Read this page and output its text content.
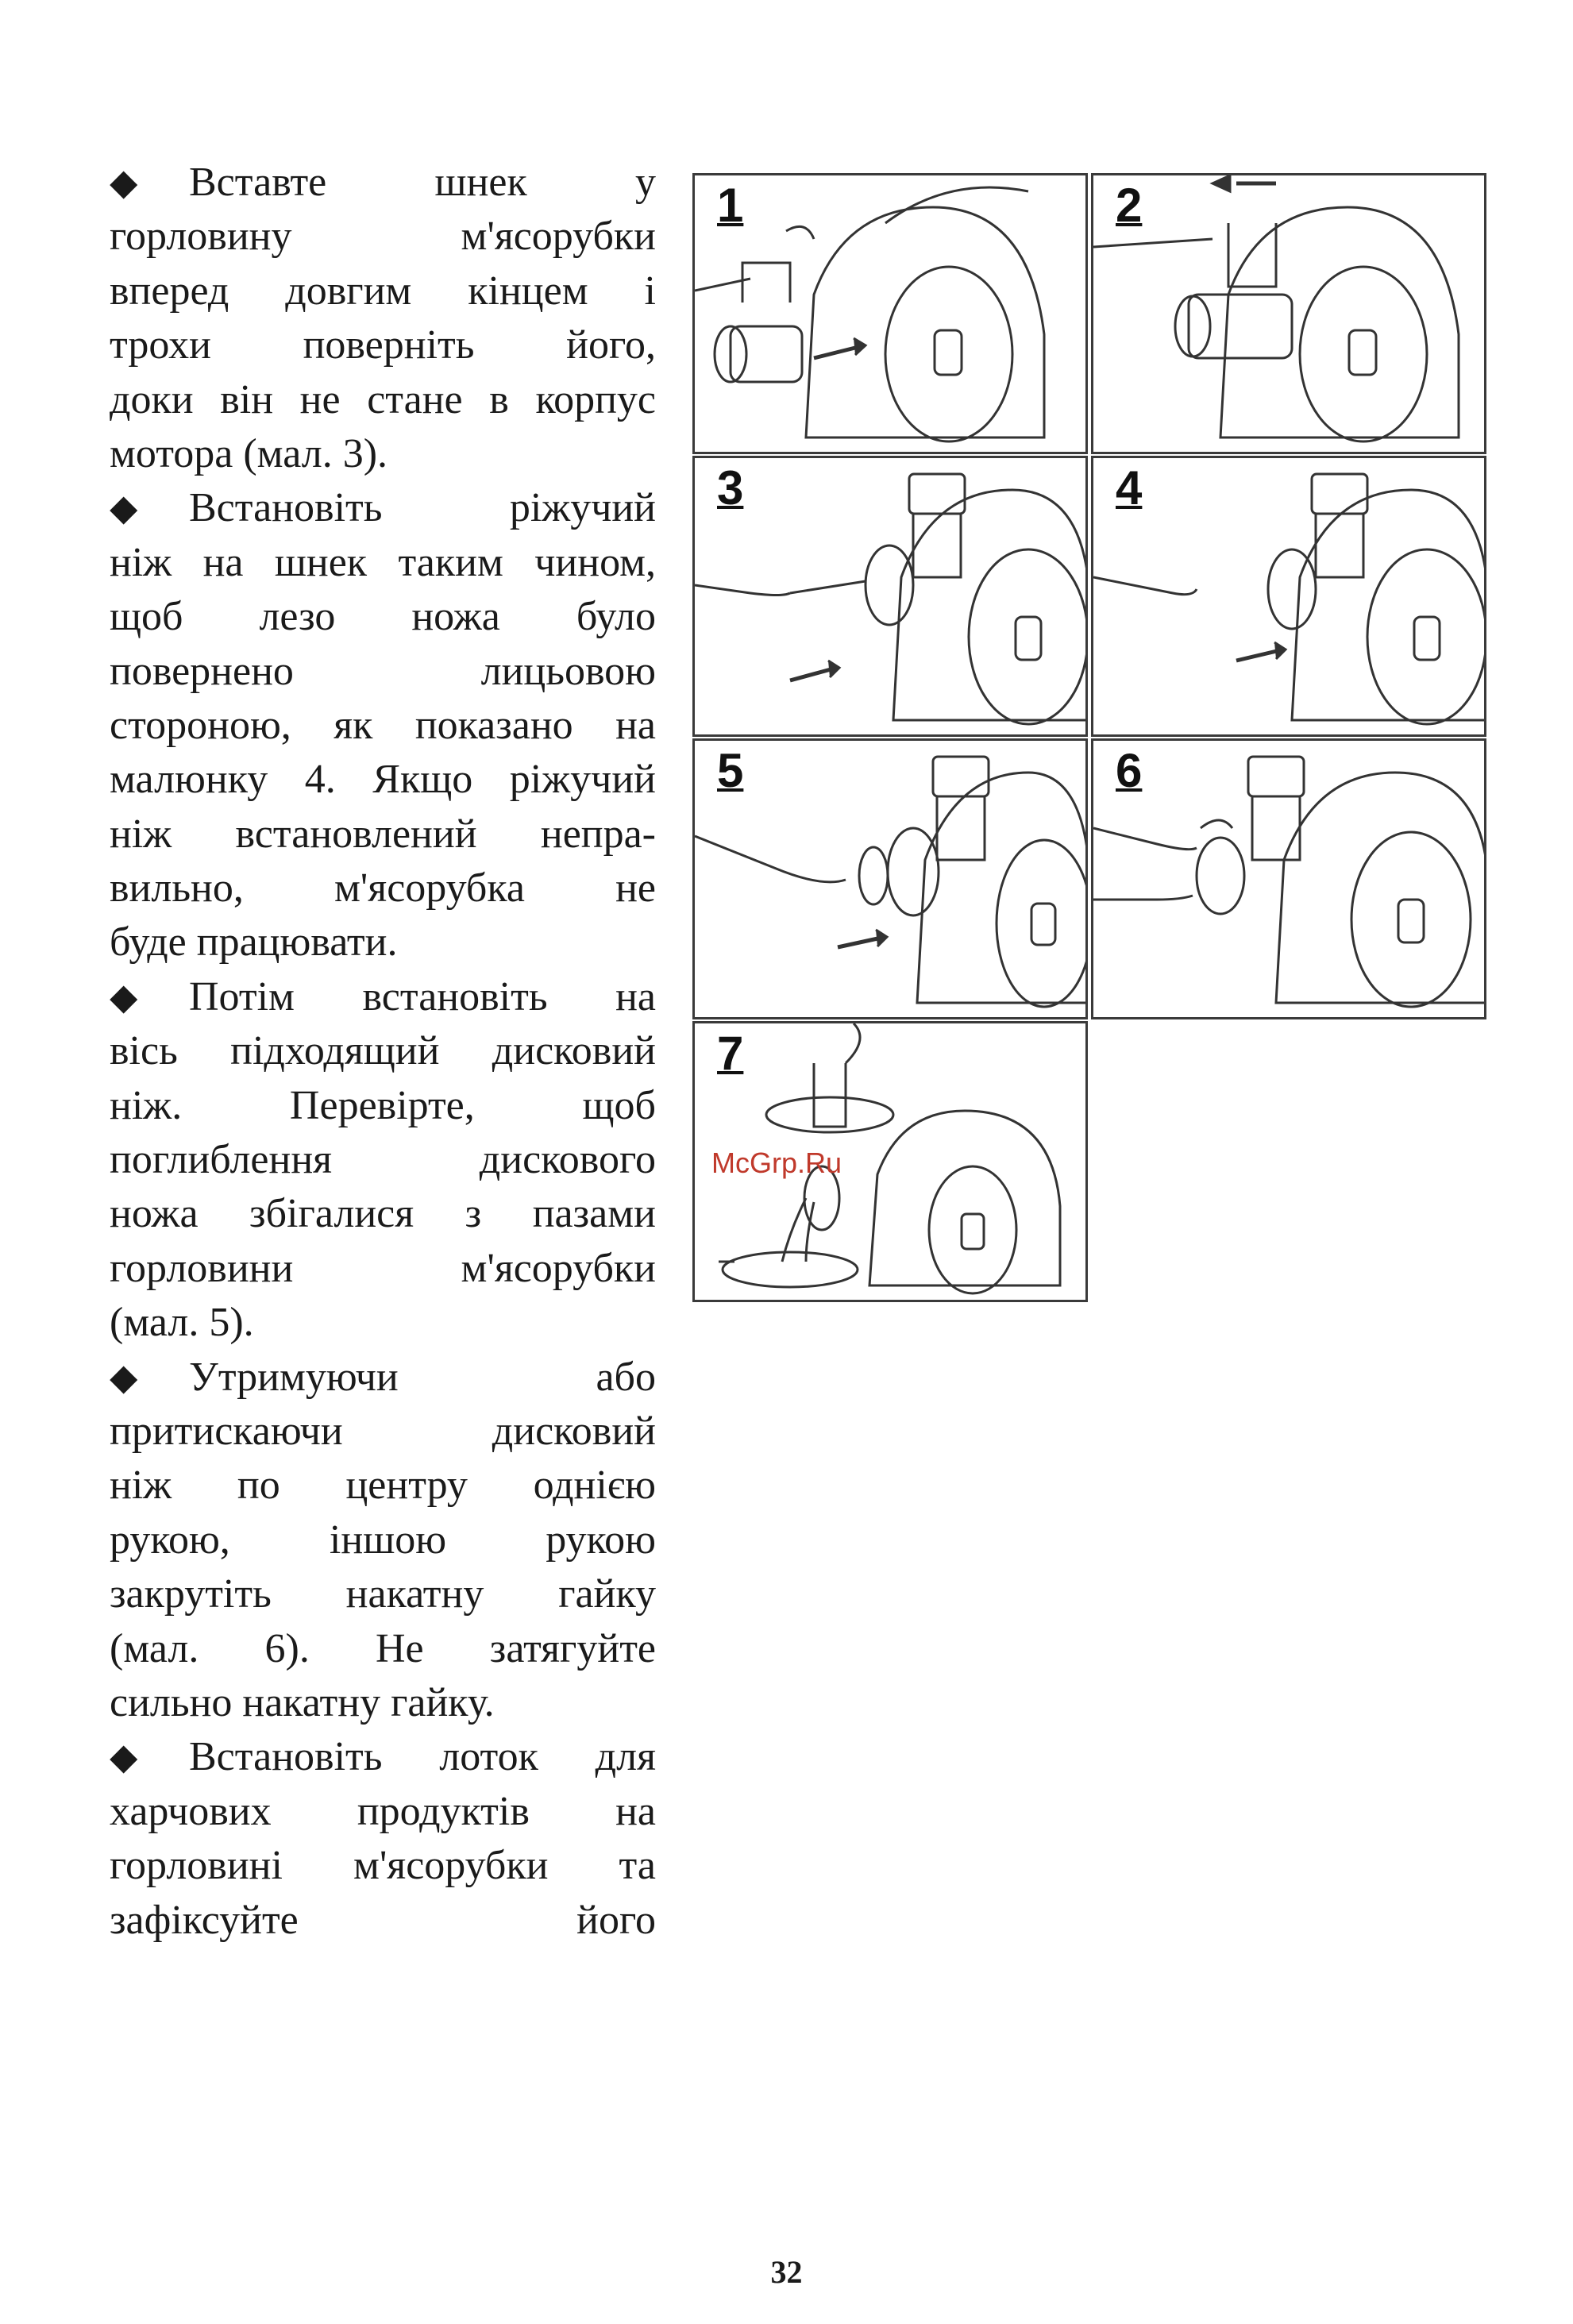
◆ Вставте шнек у
горловину м'ясорубки
вперед довгим кінцем і
трохи поверніть його,
доки він не стане в корпус
мотора (мал. 3).
◆ Встановіть ріжучий
ніж на шнек таким чином,
щоб лезо ножа було
повернено лицьовою
стороною, як показано на
малюнку 4. Якщо ріжучий
ніж встановлений непра-
вильно, м'ясорубка не
буде працювати.
◆ Потім встановіть на
вісь підходящий дисковий
ніж. Перевірте, щоб
поглиблення дискового
ножа збігалися з пазами
горловини м'ясорубки
(мал. 5).
◆ Утримуючи або
притискаючи дисковий
ніж по центру однією
рукою, іншою рукою
закрутіть накатну гайку
(мал. 6). Не затягуйте
сильно накатну гайку.
◆ Встановіть лоток для
харчових продуктів на
горловині м'ясорубки та
зафіксуйте його
1	2
3	4
5	6
7
McGrp.Ru
32
